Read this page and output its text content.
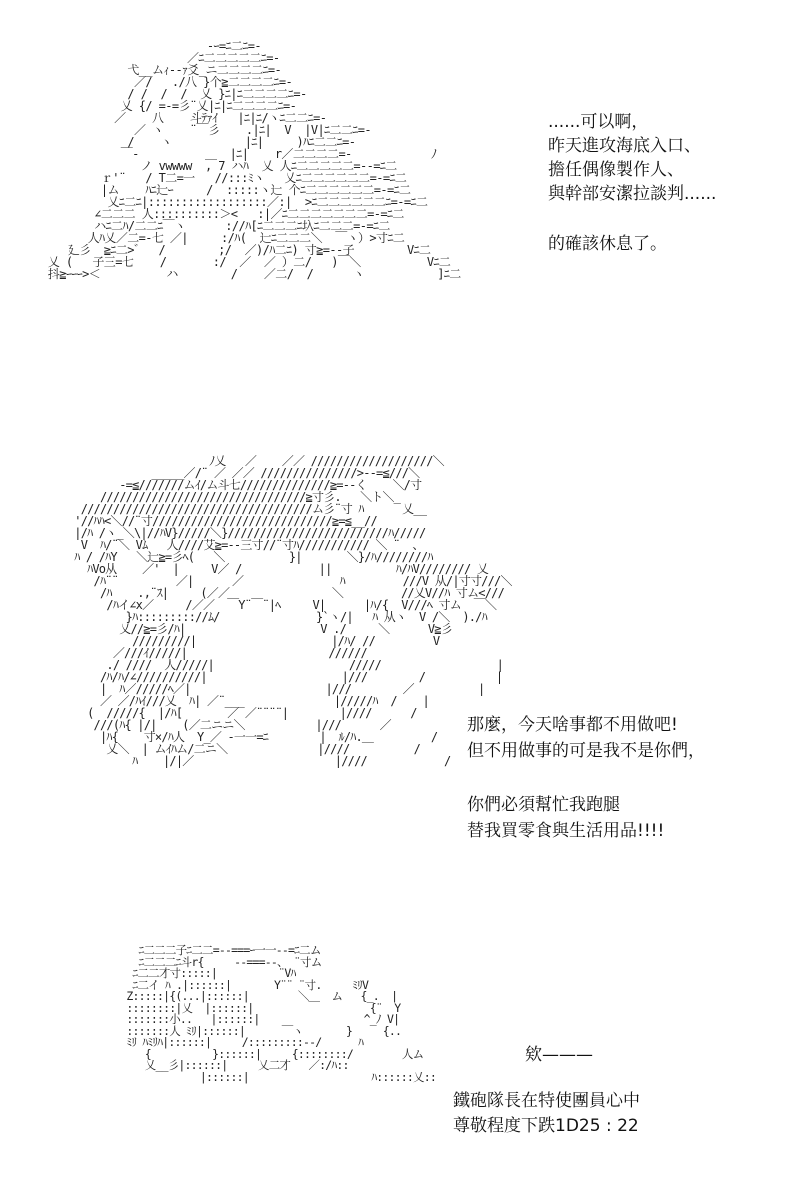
-ｰ=ﾆ二ﾆ=-
／ﾆ二二二二二ﾆ=-
弋__ムｨ--ｧ爻_ニ二二二二ﾆ=-
／/   ./八 }个≧二二二二ﾆ=-
/ /  /  /  乂 }ﾆ|ﾆ二二二二ﾆ=-
乂 {/ =-=彡¨乂|ﾆ|ﾆ二二二二ﾆ=-
／    八    斗ﾃｧｲ   |ﾆ|ﾆ/ヽﾆ二二ﾆ=-
／ ヽ    ¨￣彡    .|ﾆ|  V  |V|ﾆ二二ﾆ=-
/    ヽ           |ﾆ|     )ﾊﾆ二二ﾆ=-
￣-          ＿  |ﾆ|    r／二二二二=-            ﾉ
ノ vwwww  , 7 ハﾊ  乂 人ﾆ二二二二二=--=ﾆ二
ｒ'¨   / T二=一   //:::ﾐヽ   乂ﾆ二二二二二二=-=ﾆ二
|ム    ﾊﾆ辷ｰ     /  :::::ヽ辷 个ﾆ二二二二二二=-=ﾆ二
乂ﾆ二ﾆ|::::::::::::::::::／:|  >ﾆ二二二二二二ﾆ=-=ﾆ二
∠二二二 人::::::::::＞<   :|／ﾆ二二二二二二二=-=ﾆ二
ハﾆ二ﾊ/二二ﾆ￣ヽ      ://ﾊ[ﾆ二二二ﾆ圦ﾆ二二二=-=ﾆ二
人ﾊ乂／二=-七 ／|     :/ﾊ(  辷ﾆ二二二＼  ￣ヽ）>寸ﾆ二
廴彡  ≧ﾆ二>゛  /        ;/  ／)/ﾊ二ﾆ) 寸≧=--子        Vﾆ二
乂 (   子三=七    /       :/  ／  ／ ）二/   )￣＼          Vﾆ二
抖≧ｰｰｰ>＜          ハ        /    ／二/  /      ヽ           ]ﾆ二
......可以啊，
昨天進攻海底入口、
擔任偶像製作人、
與幹部安潔拉談判......
的確該休息了。
ﾉ乂   ／    ／／ ///////////////////＼
_____／/¨ ／ ／／ ///////////////>--=≦///＼
-=≦///////ムｲ/ム斗七//////////////≧=--く    ＼/寸
////////////////////////////////≧寸彡.   ＼ト＼_
////////////////////////////////////ム彡¨寸 ﾊ      乂__
'//ﾊﾊ<＼//¨寸////////////////////////////≧=≦__//
|/ﾊ /ヽ_＼\|//ﾊV}/////＼}/////////////////////////ﾊ/////
V  ﾊ/¨＼ Vﾑ   人////艾≧=--三寸//¨寸ﾊ/////////// ＼ ¨  、
ﾊ / /ﾊY   ＼辷≧=彡ﾍ(   ＼          }|       ＼}/ﾊ////////ﾊ
ﾊVo从    ／'  |     V／ /            ||          ﾊ/ﾊV//////// 乂
/ﾊ¨¨         ／|      ／               ﾊ         ///V 从/|寸寸///＼
/ﾊ    .,¨ｽ|     (／／                ＼         //乂V//ﾊ 寸ム<///
/ﾊイ∠x／     /／／  ￣Y¨￣¨|ﾍ     V|      |ﾊ/{  V///ﾍ 寸ム  ￣＼
}ﾊ::::::::://ﾑ/               }`ヽ/|   ﾊ 从ヽ  V /＼  )./ﾊ
乂//≧=彡/ﾊ|                     V ./     ＼      V≧彡
/////////|                     |/ﾊ/ //         V
／///ｲ/////|                      //////
./ ////  人/////|                     /////                  |
/ﾊ/ﾊ/∠//////////|                     |///        /           |
|  ﾊ／/////ﾍ／|                     |///        ／          |
／ ／/ﾊｲ///乂  ﾊ| ／¨___              |/////ﾊ  /    |
(  /////{  |/ﾊ[       ／ ／¨¨¨¨|        |////      /
///(ﾊ{ |/|    (／二ニニ＼           |///      ／
|ﾊ{    寸×/ﾊ人  Y_／ -一一=ﾆ        |  ﾙ/ﾊ.＿         /
乂＼  | ムｲﾊム/二ニ＼              |////          /
ﾊ    |/|／                      |////            /
那麼，今天啥事都不用做吧!
但不用做事的可是我不是你們，
你們必須幫忙我跑腿
替我買零食與生活用品!!!!
ﾆ二二二子ﾆ二二=--===ｰ一一--=ﾆ二ム
ﾆ二二二ﾆ斗r{     --===--、 ¨寸ム
ﾆ二二才寸:::::|          ¨Vﾊ
ﾆ二イ ﾊ .|::::::|       Y¨¨ ¨寸.     ﾐﾘV
Z:::::|{(...|::::::|        ＼＿  ム   {_.  |
::::::::|乂  |::::::|                   {¨  Y
:::::::小..   |::::::|                 ^_ﾉ V|
:::::::人 ﾐﾘ|::::::|      ￣ヽ       }     {..
ﾐﾘ ﾊﾐﾘﾊ|::::::|     /:::::::::--/      ﾊ
{          }::::::|     {::::::::/        人ム
乂__彡|::::::|     乂二才   ／:/ﾊ::
|::::::|                    ﾊ::::::乂::
欸———
鐵砲隊長在特使團員心中
尊敬程度下跌1D25 : 22
